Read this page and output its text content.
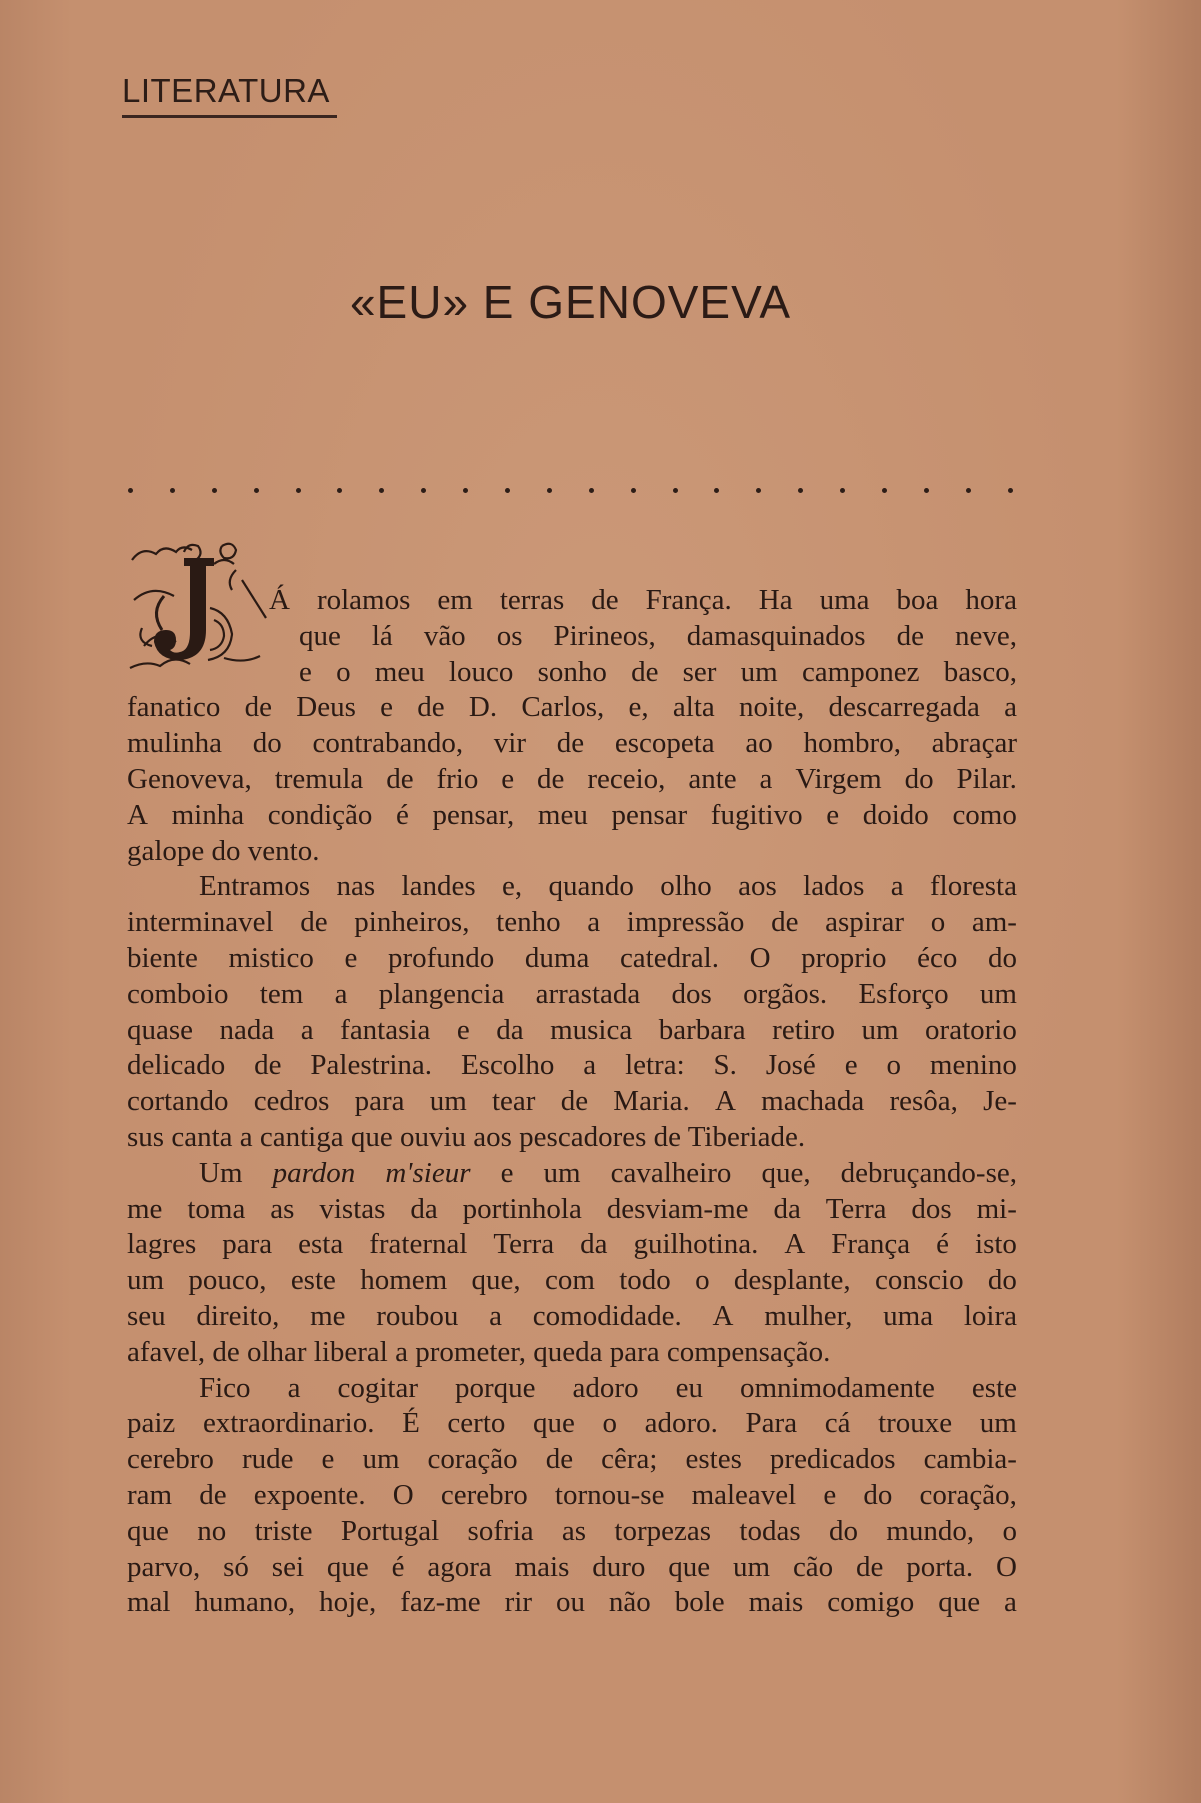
LITERATURA
«EU» E GENOVEVA
Á rolamos em terras de França. Ha uma boa hora
que lá vão os Pirineos, damasquinados de neve,
e o meu louco sonho de ser um camponez basco,
fanatico de Deus e de D. Carlos, e, alta noite, descarregada a
mulinha do contrabando, vir de escopeta ao hombro, abraçar
Genoveva, tremula de frio e de receio, ante a Virgem do Pilar.
A minha condição é pensar, meu pensar fugitivo e doido como
galope do vento.
Entramos nas landes e, quando olho aos lados a floresta
interminavel de pinheiros, tenho a impressão de aspirar o am-
biente mistico e profundo duma catedral. O proprio éco do
comboio tem a plangencia arrastada dos orgãos. Esforço um
quase nada a fantasia e da musica barbara retiro um oratorio
delicado de Palestrina. Escolho a letra: S. José e o menino
cortando cedros para um tear de Maria. A machada resôa, Je-
sus canta a cantiga que ouviu aos pescadores de Tiberiade.
Um pardon m'sieur e um cavalheiro que, debruçando-se,
me toma as vistas da portinhola desviam-me da Terra dos mi-
lagres para esta fraternal Terra da guilhotina. A França é isto
um pouco, este homem que, com todo o desplante, conscio do
seu direito, me roubou a comodidade. A mulher, uma loira
afavel, de olhar liberal a prometer, queda para compensação.
Fico a cogitar porque adoro eu omnimodamente este
paiz extraordinario. É certo que o adoro. Para cá trouxe um
cerebro rude e um coração de cêra; estes predicados cambia-
ram de expoente. O cerebro tornou-se maleavel e do coração,
que no triste Portugal sofria as torpezas todas do mundo, o
parvo, só sei que é agora mais duro que um cão de porta. O
mal humano, hoje, faz-me rir ou não bole mais comigo que a
